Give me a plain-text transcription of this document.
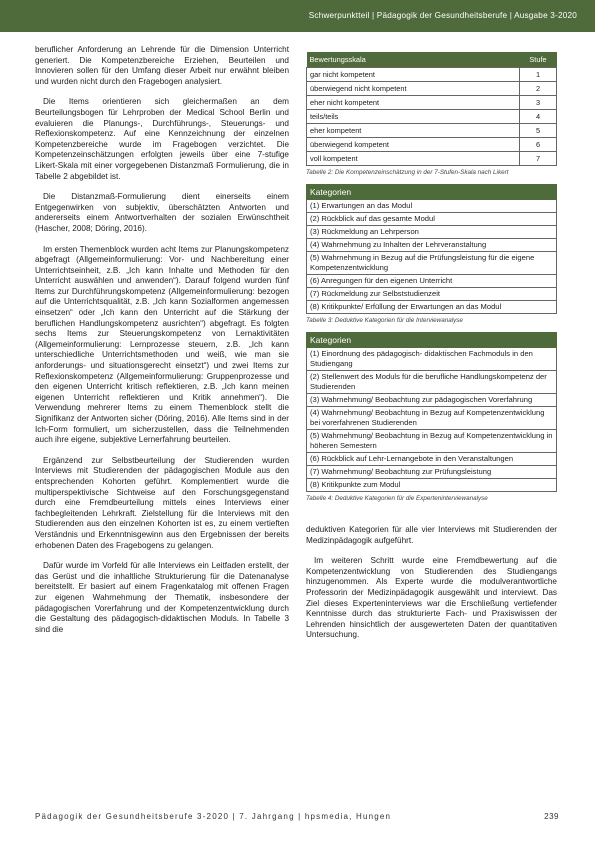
Schwerpunktteil | Pädagogik der Gesundheitsberufe | Ausgabe 3-2020

beruflicher Anforderung an Lehrende für die Dimension Unterricht generiert. Die Kompetenzbereiche Erziehen, Beurteilen und Innovieren sollen für den Umfang dieser Arbeit nur erwähnt bleiben und wurden nicht durch den Fragebogen analysiert.

Die Items orientieren sich gleichermaßen an dem Beurteilungsbogen für Lehrproben der Medical School Berlin und evaluieren die Planungs-, Durchführungs-, Steuerungs- und Reflexionskompetenz. Auf eine Kennzeichnung der einzelnen Kompetenzbereiche wurde im Fragebogen verzichtet. Die Kompetenzeinschätzungen erfolgten jeweils über eine 7-stufige Likert-Skala mit einer vorgegebenen Distanzmaß Formulierung, die in Tabelle 2 abgebildet ist.

Die Distanzmaß-Formulierung dient einerseits einem Entgegenwirken von subjektiv, überschätzten Antworten und andererseits einem Antwortverhalten der sozialen Erwünschtheit (Hascher, 2008; Döring, 2016).

Im ersten Themenblock wurden acht Items zur Planungskompetenz abgefragt (Allgemeinformulierung: Vor- und Nachbereitung einer Unterrichtseinheit, z.B. „Ich kann Inhalte und Methoden für den Unterricht auswählen und anwenden“). Darauf folgend wurden fünf Items zur Durchführungskompetenz (Allgemeinformulierung: bezogen auf die Unterrichtsqualität, z.B. „Ich kann Sozialformen angemessen einsetzen“ oder „Ich kann den Unterricht auf die Stärkung der beruflichen Handlungskompetenz ausrichten“) abgefragt. Es folgten sechs Items zur Steuerungskompetenz von Lernaktivitäten (Allgemeinformulierung: Lernprozesse steuern, z.B. „Ich kann unterschiedliche Unterrichtsmethoden und weiß, wie man sie anforderungs- und situationsgerecht einsetzt“) und zwei Items zur Reflexionskompetenz (Allgemeinformulierung: Gruppenprozesse und den eigenen Unterricht kritisch reflektieren, z.B. „Ich kann meinen eigenen Unterricht reflektieren und Kritik annehmen“). Die Verwendung mehrerer Items zu einem Themenblock stellt die Signifikanz der Antworten sicher (Döring, 2016). Alle Items sind in der Ich-Form formuliert, um sicherzustellen, dass die Teilnehmenden auch ihre eigene, subjektive Lernerfahrung beurteilen.

Ergänzend zur Selbstbeurteilung der Studierenden wurden Interviews mit Studierenden der pädagogischen Module aus den entsprechenden Kohorten geführt. Komplementiert wurde die multiperspektivische Sichtweise auf den Forschungsgegenstand durch eine Fremdbeurteilung mittels eines Interviews einer fachbegleitenden Lehrkraft. Zielstellung für die Interviews mit den Studierenden aus den einzelnen Kohorten ist es, zu einem vertieften Verständnis und Erkenntnisgewinn aus den Ergebnissen der bereits erhobenen Daten des Fragebogens zu gelangen.

Dafür wurde im Vorfeld für alle Interviews ein Leitfaden erstellt, der das Gerüst und die inhaltliche Strukturierung für die Datenanalyse bereitstellt. Er basiert auf einem Fragenkatalog mit offenen Fragen zur eigenen Wahrnehmung der Thematik, insbesondere der pädagogischen Vorerfahrung und der Kompetenzentwicklung durch die Gestaltung des pädagogisch-didaktischen Moduls. In Tabelle 3 sind die

Bewertungsskala	Stufe
gar nicht kompetent	1
überwiegend nicht kompetent	2
eher nicht kompetent	3
teils/teils	4
eher kompetent	5
überwiegend kompetent	6
voll kompetent	7
Tabelle 2: Die Kompetenzeinschätzung in der 7-Stufen-Skala nach Likert
Kategorien
(1) Erwartungen an das Modul
(2) Rückblick auf das gesamte Modul
(3) Rückmeldung an Lehrperson
(4) Wahrnehmung zu Inhalten der Lehrveranstaltung
(5) Wahrnehmung in Bezug auf die Prüfungsleistung für die eigene Kompetenzentwicklung
(6) Anregungen für den eigenen Unterricht
(7) Rückmeldung zur Selbststudienzeit
(8) Kritikpunkte/ Erfüllung der Erwartungen an das Modul
Tabelle 3: Deduktive Kategorien für die Interviewanalyse
Kategorien
(1) Einordnung des pädagogisch- didaktischen Fachmoduls in den Studiengang
(2) Stellenwert des Moduls für die berufliche Handlungskompetenz der Studierenden
(3) Wahrnehmung/ Beobachtung zur pädagogischen Vorerfahrung
(4) Wahrnehmung/ Beobachtung in Bezug auf Kompetenzentwicklung bei vorerfahrenen Studierenden
(5) Wahrnehmung/ Beobachtung in Bezug auf Kompetenzentwicklung in höheren Semestern
(6) Rückblick auf Lehr-Lernangebote in den Veranstaltungen
(7) Wahrnehmung/ Beobachtung zur Prüfungsleistung
(8) Kritikpunkte zum Modul
Tabelle 4: Deduktive Kategorien für die Experteninterviewanalyse

deduktiven Kategorien für alle vier Interviews mit Studierenden der Medizinpädagogik aufgeführt.

Im weiteren Schritt wurde eine Fremdbewertung auf die Kompetenzentwicklung von Studierenden des Studiengangs hinzugenommen. Als Experte wurde die modulverantwortliche Professorin der Medizinpädagogik ausgewählt und interviewt. Das Ziel dieses Experteninterviews war die Erschließung vertiefender Kenntnisse durch das strukturierte Fach- und Praxiswissen der Lehrenden hinsichtlich der ausgewerteten Daten der quantitativen Untersuchung.

Pädagogik der Gesundheitsberufe 3-2020 | 7. Jahrgang | hpsmedia, Hungen	239
